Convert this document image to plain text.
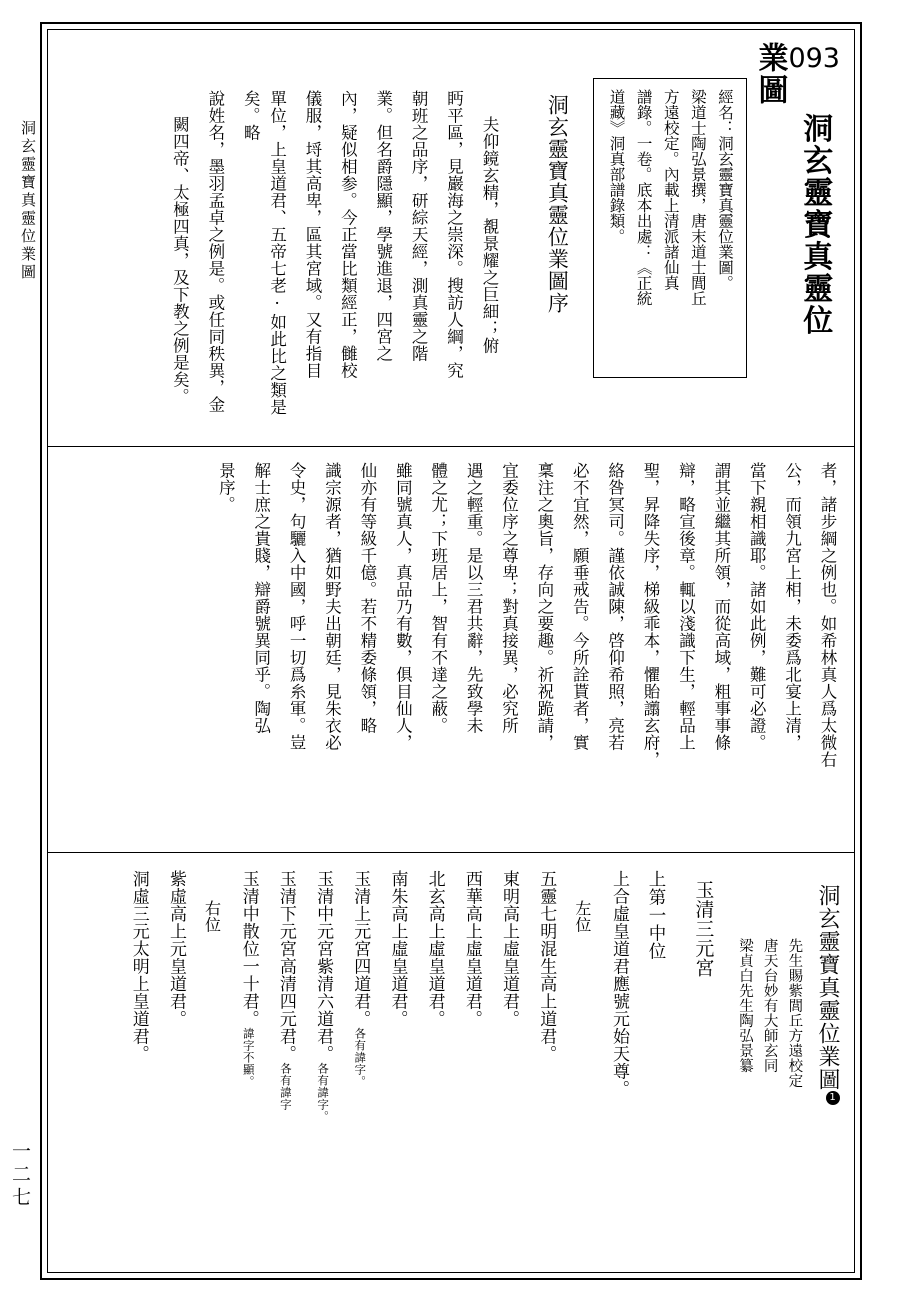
洞玄靈寶真靈位業圖
一二七
闕四帝、太極四真，及下教之例是矣。 說姓名，墨羽孟卓之例是。或任同秩異，金	單位，上皇道君、五帝七老·如此比之類是矣。略	儀服，埒其高卑，區其宮域。又有指目 內，疑似相参。今正當比類經正，雠校 業。但名爵隱顯，學號進退，四宮之 朝班之品序，研綜天經，測真靈之階 眄平區，見巖海之崇深。搜訪人綱，究 夫仰鏡玄精，覩景耀之巨細；俯 洞玄靈寶真靈位業圖序	道藏》洞真部譜錄類。 譜錄。一卷。底本出處：《正統 方遠校定。內載上清派諸仙真 梁道士陶弘景撰，唐末道士閭丘 經名：洞玄靈寶真靈位業圖。
093 洞玄靈寶真靈位 業圖
景序。 解士庶之貴賤，辯爵號異同乎。陶弘 令史，句驪入中國，呼一切爲糸軍。豈 識宗源者，猶如野夫出朝廷，見朱衣必 仙亦有等級千億。若不精委條領，略 雖同號真人，真品乃有數，俱目仙人， 體之尤；下班居上，智有不達之蔽。 遇之輕重。是以三君共辭，先致學未 宜委位序之尊卑；對真接異，必究所 稟注之奧旨，存向之要趣。祈祝跪請， 必不宜然，願垂戒告。今所詮貰者，實 絡咎冥司。謹依誠陳，啓仰希照，亮若 聖，昇降失序，梯級乖本，懼貽譾玄府， 辯，略宣後章。輒以淺識下生，輕品上 謂其並繼其所領，而從高域，粗事事條 當下親相識耶。諸如此例，難可必證。 公，而領九宮上相，未委爲北宴上清， 者，諸步綱之例也。如希林真人爲太微右
洞虛三元太明上皇道君。 紫虛高上元皇道君。 右位 玉清中散位一十君。諱字不顯。	玉清下元宮高清四元君。各有諱字
玉清中元宮紫清六道君。各有諱字。
玉清上元宮四道君。各有諱字。
南朱高上虛皇道君。 北玄高上虛皇道君。 西華高上虛皇道君。 東明高上虛皇道君。 五靈七明混生高上道君。 左位 上合虛皇道君應號元始天尊。 上第一中位 玉清三元宮
先生賜紫閭丘方遠校定
唐天台妙有大師玄同
梁貞白先生陶弘景纂	洞玄靈寶真靈位業圖1
